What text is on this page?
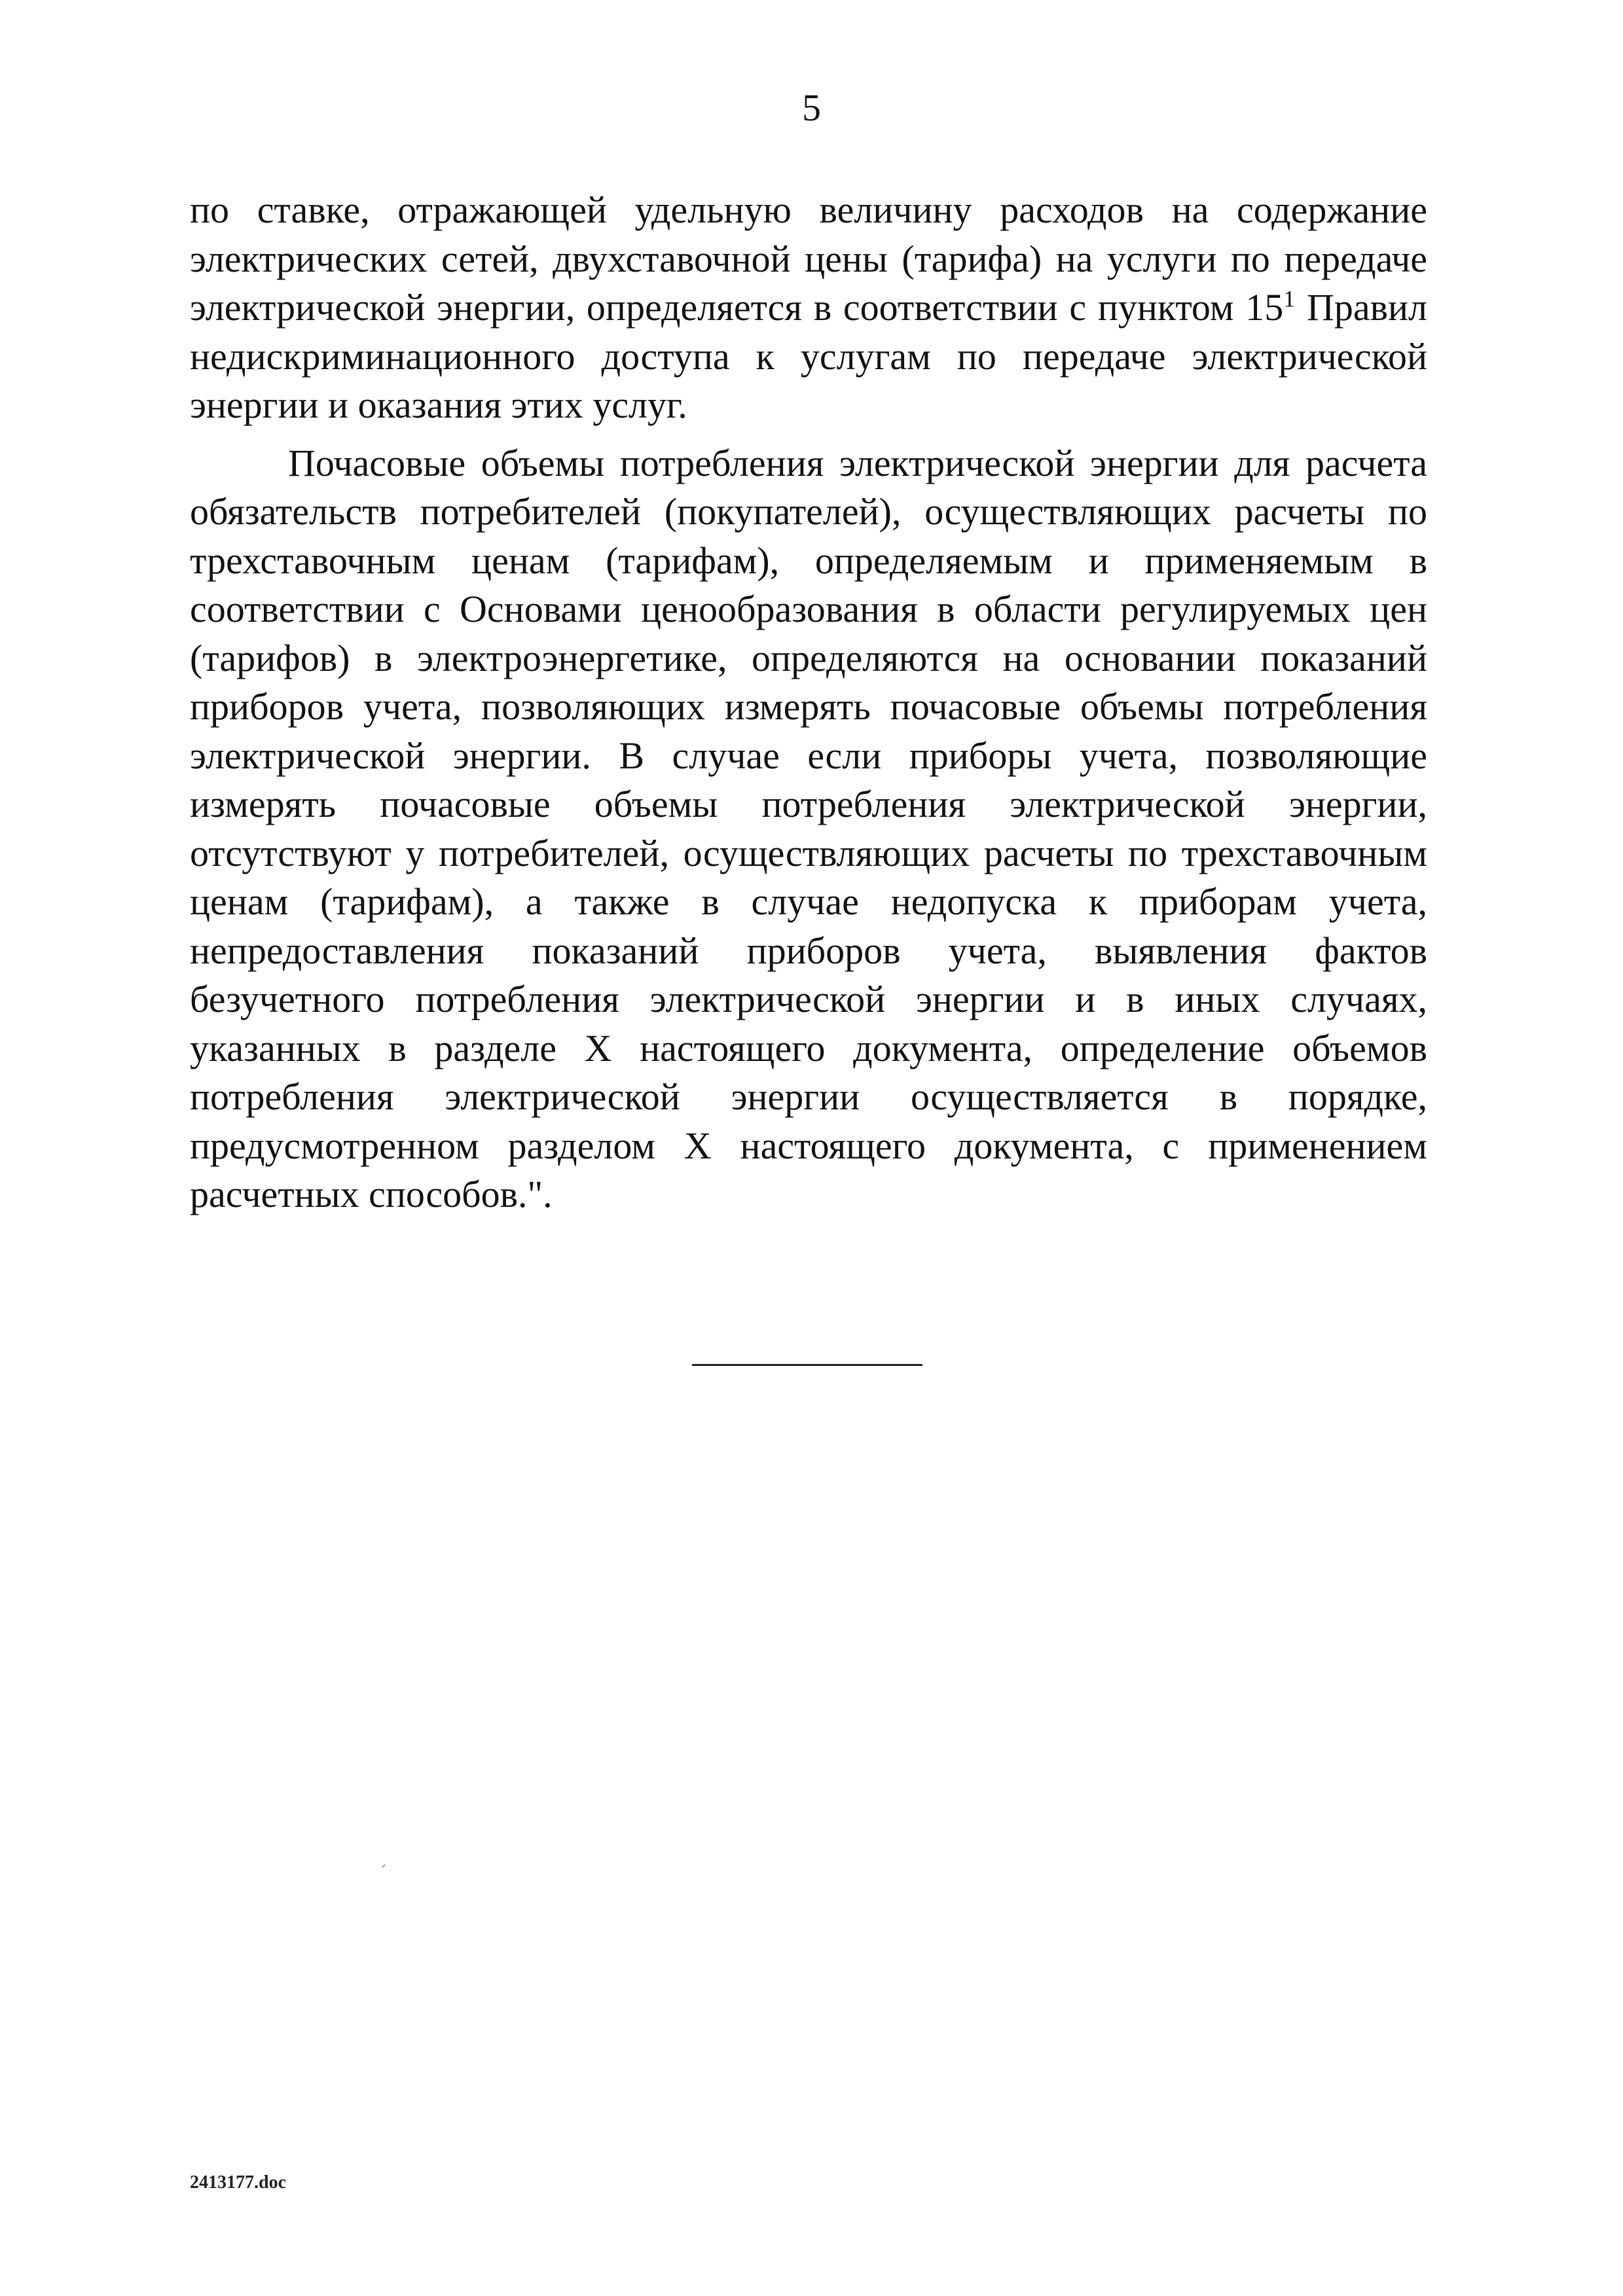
5

по ставке, отражающей удельную величину расходов на содержание электрических сетей, двухставочной цены (тарифа) на услуги по передаче электрической энергии, определяется в соответствии с пунктом $15^1$ Правил недискриминационного доступа к услугам по передаче электрической энергии и оказания этих услуг.

Почасовые объемы потребления электрической энергии для расчета обязательств потребителей (покупателей), осуществляющих расчеты по трехставочным ценам (тарифам), определяемым и применяемым в соответствии с Основами ценообразования в области регулируемых цен (тарифов) в электроэнергетике, определяются на основании показаний приборов учета, позволяющих измерять почасовые объемы потребления электрической энергии. В случае если приборы учета, позволяющие измерять почасовые объемы потребления электрической энергии, отсутствуют у потребителей, осуществляющих расчеты по трехставочным ценам (тарифам), а также в случае недопуска к приборам учета, непредоставления показаний приборов учета, выявления фактов безучетного потребления электрической энергии и в иных случаях, указанных в разделе X настоящего документа, определение объемов потребления электрической энергии осуществляется в порядке, предусмотренном разделом X настоящего документа, с применением расчетных способов.".

2413177.doc
